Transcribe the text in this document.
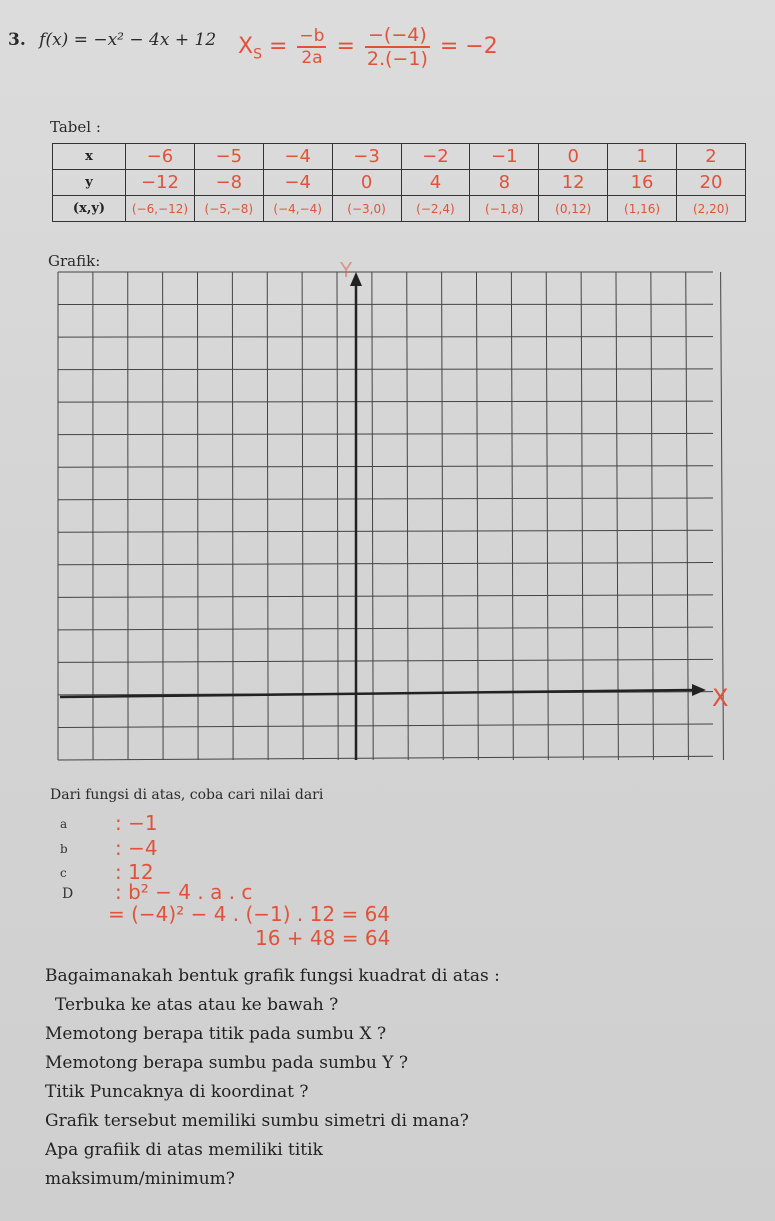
3. f(x) = −x² − 4x + 12 $X_S = \frac{-b}{2a} = \frac{-(-4)}{2.(-1)} = -2$
Tabel :
x	−6	−5	−4	−3	−2	−1	0	1	2
y	−12	−8	−4	0	4	8	12	16	20
(x,y)	(−6,−12)	(−5,−8)	(−4,−4)	(−3,0)	(−2,4)	(−1,8)	(0,12)	(1,16)	(2,20)
Grafik:
X
Y
Dari fungsi di atas, coba cari nilai dari
a : −1
b : −4
c : 12
D : b² − 4 . a . c
= (−4)² − 4 . (−1) . 12 = 64
16 + 48 = 64
Bagaimanakah bentuk grafik fungsi kuadrat di atas :
Terbuka ke atas atau ke bawah ?
Memotong berapa titik pada sumbu X ?
Memotong berapa sumbu pada sumbu Y ?
Titik Puncaknya di koordinat ?
Grafik tersebut memiliki sumbu simetri di mana?
Apa grafiik di atas memiliki titik
maksimum/minimum?
